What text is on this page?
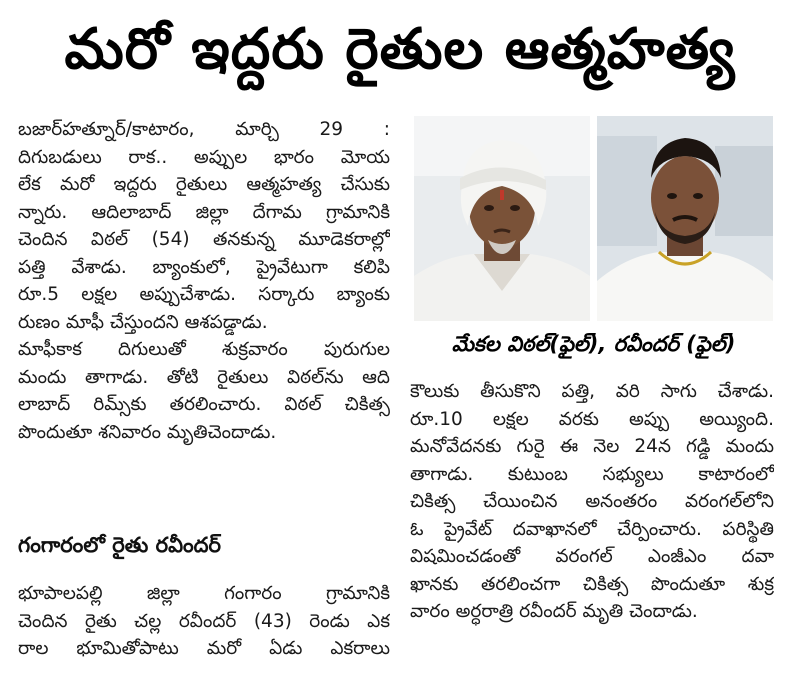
మరో ఇద్దరు రైతుల ఆత్మహత్య
బజార్‌హత్నూర్/కాటారం, మార్చి 29 :
దిగుబడులు రాక.. అప్పుల భారం మోయ
లేక మరో ఇద్దరు రైతులు ఆత్మహత్య చేసుకు
న్నారు. ఆదిలాబాద్ జిల్లా దేగామ గ్రామానికి
చెందిన విఠల్ (54) తనకున్న మూడెకరాల్లో
పత్తి వేశాడు. బ్యాంకులో, ప్రైవేటుగా కలిపి
రూ.5 లక్షల అప్పుచేశాడు. సర్కారు బ్యాంకు
రుణం మాఫీ చేస్తుందని ఆశపడ్డాడు.
మాఫీకాక దిగులుతో శుక్రవారం పురుగుల
మందు తాగాడు. తోటి రైతులు విఠల్‌ను ఆది
లాబాద్ రిమ్స్‌కు తరలించారు. విఠల్ చికిత్స
పొందుతూ శనివారం మృతిచెందాడు.
గంగారంలో రైతు రవీందర్
భూపాలపల్లి జిల్లా గంగారం గ్రామానికి
చెందిన రైతు చల్ల రవీందర్ (43) రెండు ఎక
రాల భూమితోపాటు మరో ఏడు ఎకరాలు
మేకల విఠల్(ఫైల్), రవీందర్ (ఫైల్)
కౌలుకు తీసుకొని పత్తి, వరి సాగు చేశాడు.
రూ.10 లక్షల వరకు అప్పు అయ్యింది.
మనోవేదనకు గురై ఈ నెల 24న గడ్డి మందు
తాగాడు. కుటుంబ సభ్యులు కాటారంలో
చికిత్స చేయించిన అనంతరం వరంగల్‌లోని
ఓ ప్రైవేట్ దవాఖానలో చేర్పించారు. పరిస్థితి
విషమించడంతో వరంగల్ ఎంజీఎం దవా
ఖానకు తరలించగా చికిత్స పొందుతూ శుక్ర
వారం అర్ధరాత్రి రవీందర్ మృతి చెందాడు.
